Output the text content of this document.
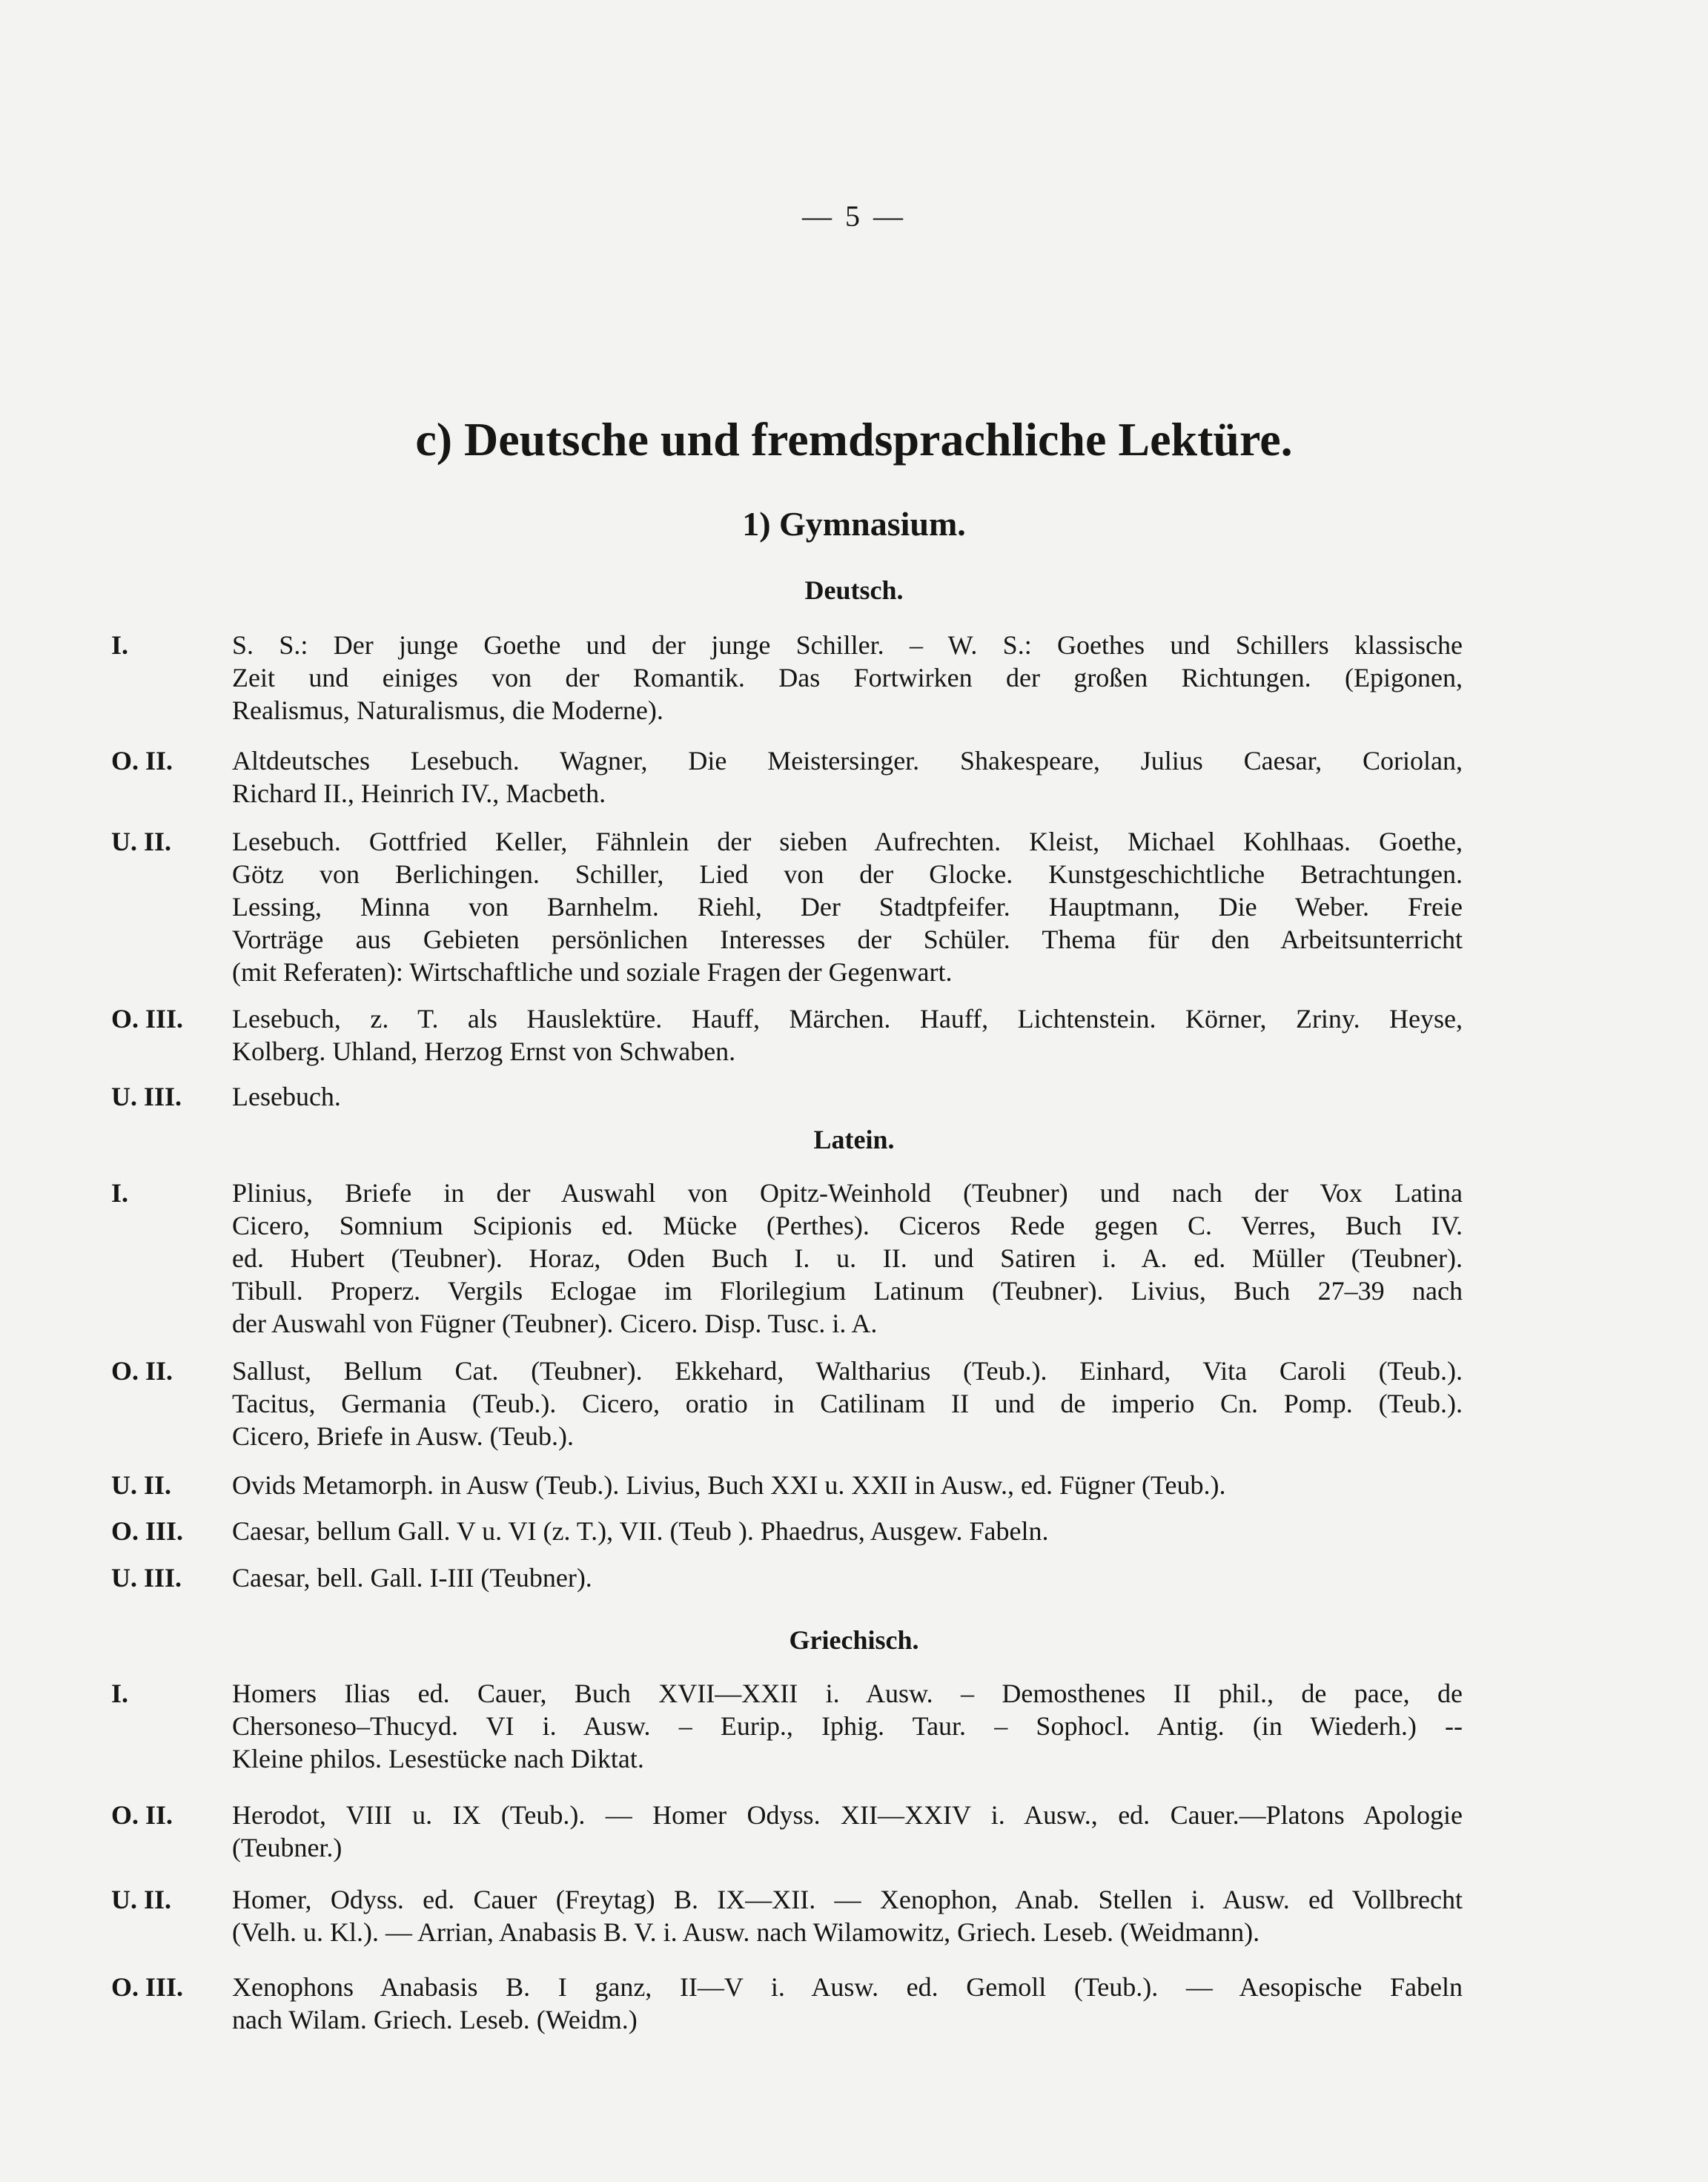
— 5 —
c) Deutsche und fremdsprachliche Lektüre.
1) Gymnasium.
Deutsch.
I.	S. S.: Der junge Goethe und der junge Schiller. – W. S.: Goethes und Schillers klassische
Zeit und einiges von der Romantik. Das Fortwirken der großen Richtungen. (Epigonen,
Realismus, Naturalismus, die Moderne).
O. II. Altdeutsches Lesebuch. Wagner, Die Meistersinger. Shakespeare, Julius Caesar, Coriolan,
Richard II., Heinrich IV., Macbeth.
U. II. Lesebuch. Gottfried Keller, Fähnlein der sieben Aufrechten. Kleist, Michael Kohlhaas. Goethe,
Götz von Berlichingen. Schiller, Lied von der Glocke. Kunstgeschichtliche Betrachtungen.
Lessing, Minna von Barnhelm. Riehl, Der Stadtpfeifer. Hauptmann, Die Weber. Freie
Vorträge aus Gebieten persönlichen Interesses der Schüler. Thema für den Arbeitsunterricht
(mit Referaten): Wirtschaftliche und soziale Fragen der Gegenwart.
O. III. Lesebuch, z. T. als Hauslektüre. Hauff, Märchen. Hauff, Lichtenstein. Körner, Zriny. Heyse,
Kolberg. Uhland, Herzog Ernst von Schwaben.
U. III. Lesebuch.
Latein.
I.	Plinius, Briefe in der Auswahl von Opitz-Weinhold (Teubner) und nach der Vox Latina
Cicero, Somnium Scipionis ed. Mücke (Perthes). Ciceros Rede gegen C. Verres, Buch IV.
ed. Hubert (Teubner). Horaz, Oden Buch I. u. II. und Satiren i. A. ed. Müller (Teubner).
Tibull. Properz. Vergils Eclogae im Florilegium Latinum (Teubner). Livius, Buch 27–39 nach
der Auswahl von Fügner (Teubner). Cicero. Disp. Tusc. i. A.
O. II. Sallust, Bellum Cat. (Teubner). Ekkehard, Waltharius (Teub.). Einhard, Vita Caroli (Teub.).
Tacitus, Germania (Teub.). Cicero, oratio in Catilinam II und de imperio Cn. Pomp. (Teub.).
Cicero, Briefe in Ausw. (Teub.).
U. II. Ovids Metamorph. in Ausw (Teub.). Livius, Buch XXI u. XXII in Ausw., ed. Fügner (Teub.).
O. III. Caesar, bellum Gall. V u. VI (z. T.), VII. (Teub ). Phaedrus, Ausgew. Fabeln.
U. III. Caesar, bell. Gall. I-III (Teubner).
Griechisch.
I.	Homers Ilias ed. Cauer, Buch XVII—XXII i. Ausw. – Demosthenes II phil., de pace, de
Chersoneso–Thucyd. VI i. Ausw. – Eurip., Iphig. Taur. – Sophocl. Antig. (in Wiederh.) --
Kleine philos. Lesestücke nach Diktat.
O. II. Herodot, VIII u. IX (Teub.). — Homer Odyss. XII—XXIV i. Ausw., ed. Cauer.—Platons Apologie
(Teubner.)
U. II. Homer, Odyss. ed. Cauer (Freytag) B. IX—XII. — Xenophon, Anab. Stellen i. Ausw. ed Vollbrecht
(Velh. u. Kl.). — Arrian, Anabasis B. V. i. Ausw. nach Wilamowitz, Griech. Leseb. (Weidmann).
O. III. Xenophons Anabasis B. I ganz, II—V i. Ausw. ed. Gemoll (Teub.). — Aesopische Fabeln
nach Wilam. Griech. Leseb. (Weidm.)
